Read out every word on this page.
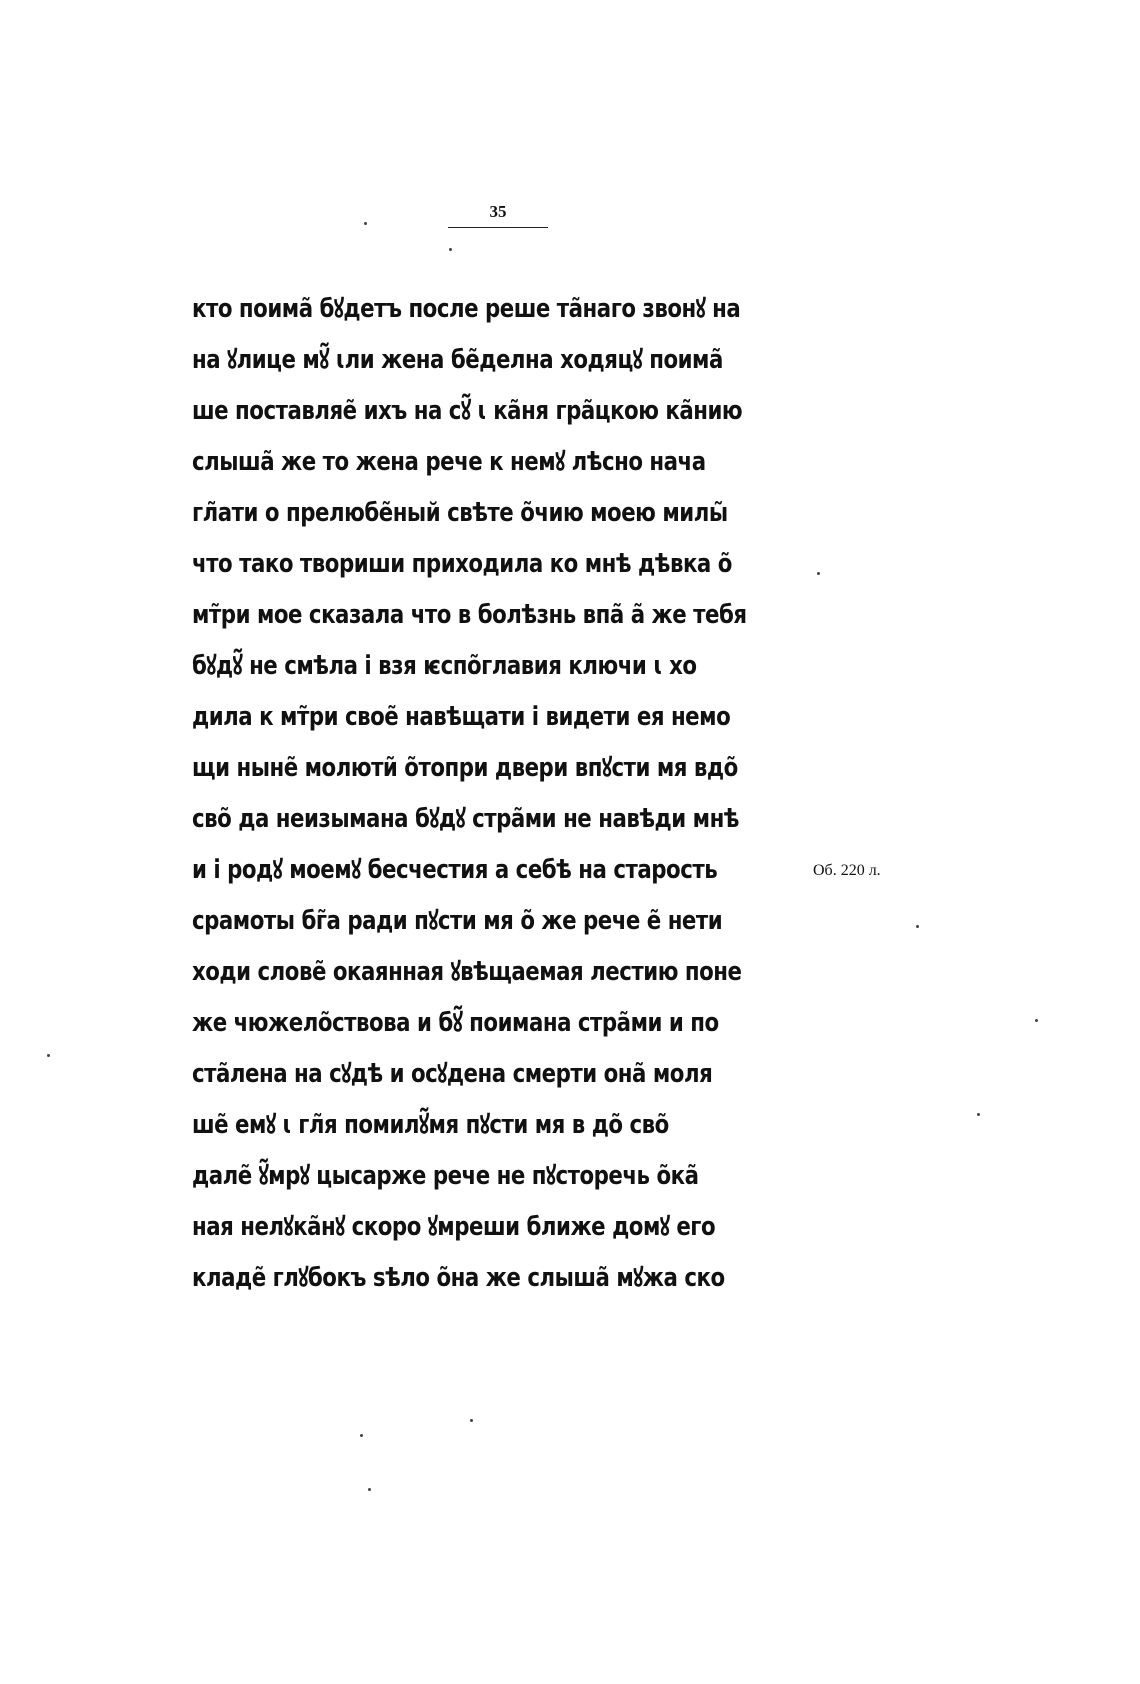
35
кто поима̃ бꙋдетъ после реше та̃наго звонꙋ на
на ꙋлице мꙋ̃ ꙇли жена бе̃делна ходяцꙋ поима̃
ше поставляе̃ ихъ на сꙋ̃ ꙇ ка̃ня гра̃цкою ка̃нию
слыша̃ же то жена рече к немꙋ лѣсно нача
гл̃ати о прелюбе̃ный свѣте о̃чию моею милы̃
что тако твориши приходила ко мнѣ дѣвка о̃
мт̃ри мое сказала что в болѣзнь впа̃ а̃ же тебя
бꙋдꙋ̃ не смѣла і взя ѥспо̃главия ключи ꙇ хо
дила к мт̃ри свое̃ навѣщати і видети ея немо
щи ныне̃ молюти̃ о̃топри двери впꙋсти мя вдо̃
сво̃ да неизымана бꙋдꙋ стра̃ми не навѣди мнѣ
и і родꙋ моемꙋ бесчестия а себѣ на старость
срамоты бг̃а ради пꙋсти мя о̃ же рече е̃ нети
ходи слове̃ окаянная ꙋвѣщаемая лестию поне
же чюжело̃ствова и бꙋ̃ поимана стра̃ми и по
ста̃лена на сꙋдѣ и осꙋдена смерти она̃ моля
ше̃ емꙋ ꙇ гл̃я помилꙋ̃мя пꙋсти мя в до̃ сво̃
дале̃ ꙋ̃мрꙋ цысарже рече не пꙋсторечь о̃ка̃
ная нелꙋка̃нꙋ скоро ꙋмреши ближе домꙋ его
кладе̃ глꙋбокъ ѕѣло о̃на же слыша̃ мꙋжа ско
Об. 220 л.
